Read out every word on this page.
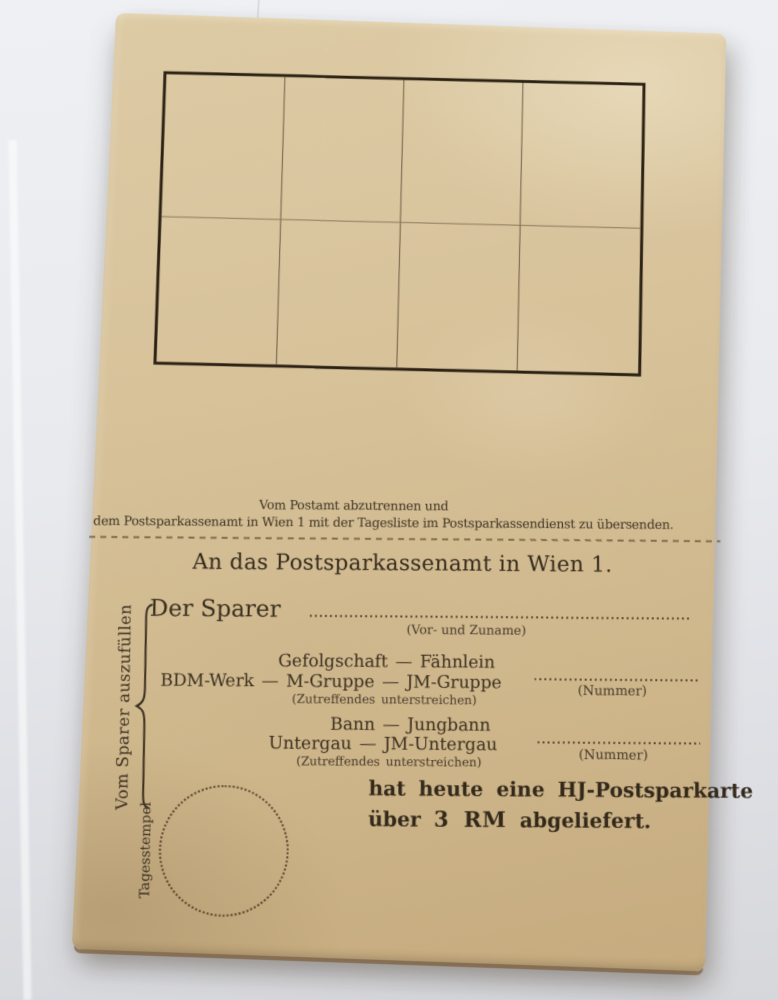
Vom Postamt abzutrennen und
dem Postsparkassenamt in Wien 1 mit der Tagesliste im Postsparkassendienst zu übersenden.
An das Postsparkassenamt in Wien 1.
Vom Sparer auszufüllen Der Sparer
(Vor- und Zuname)
Gefolgschaft — Fähnlein
BDM-Werk — M-Gruppe — JM-Gruppe
(Zutreffendes unterstreichen)
(Nummer)
Bann — Jungbann
Untergau — JM-Untergau
(Zutreffendes unterstreichen)	(Nummer)
hat heute eine HJ-Postsparkarte
über 3 RM abgeliefert.
Tagesstempel
